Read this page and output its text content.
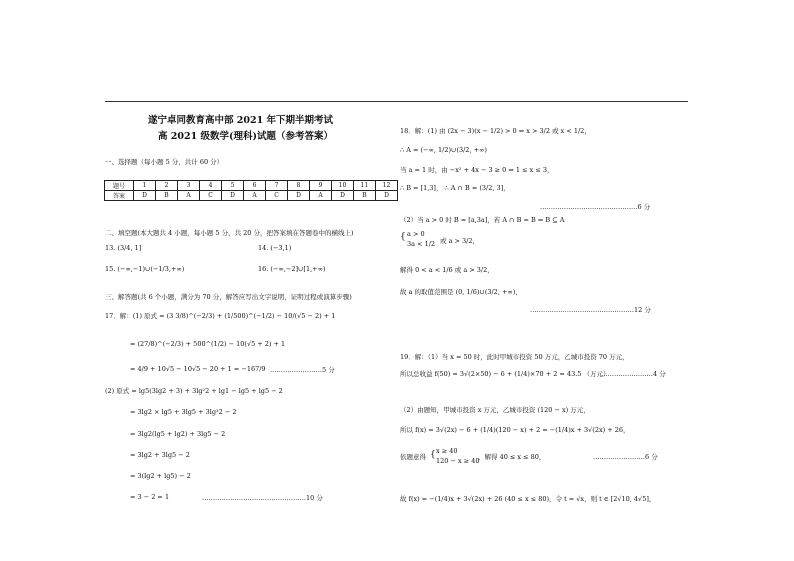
遂宁卓同教育高中部 2021 年下期半期考试
高 2021 级数学(理科)试题（参考答案）
一、选择题（每小题 5 分，共计 60 分）
题号	1	2	3	4	5	6	7	8	9	10	11	12
答案	D	B	A	C	D	A	C	D	A	D	B	D
二、填空题(本大题共 4 小题，每小题 5 分，共 20 分，把答案填在答题卷中的横线上)
13. (3/4, 1]	14. (−3,1)
15. (−∞,−1)∪(−1/3,+∞)	16. (−∞,−2]∪[1,+∞)
三、解答题(共 6 个小题，满分为 70 分，解答应写出文字说明，证明过程或演算步骤)
17．解：(1) 原式 = (3 3/8)^(−2/3) + (1/500)^(−1/2) − 10/(√5 − 2) + 1
= (27/8)^(−2/3) + 500^(1/2) − 10(√5 + 2) + 1
= 4/9 + 10√5 − 10√5 − 20 + 1 = −167/9 ……………………5 分
(2) 原式 = lg5(3lg2 + 3) + 3lg²2 + lg1 − lg5 + lg5 − 2
= 3lg2 × lg5 + 3lg5 + 3lg²2 − 2
= 3lg2(lg5 + lg2) + 3lg5 − 2
= 3lg2 + 3lg5 − 2
= 3(lg2 + lg5) − 2
= 3 − 2 = 1	…………………………………………10 分
18．解：(1) 由 (2x − 3)(x − 1/2) > 0 ⇒ x > 3/2 或 x < 1/2，
∴ A = (−∞, 1/2)∪(3/2, +∞)
当 a = 1 时，由 −x² + 4x − 3 ≥ 0 ⇒ 1 ≤ x ≤ 3，
∴ B = [1,3]， ∴ A ∩ B = (3/2, 3]，
………………………………………6 分
（2）当 a > 0 时 B = [a,3a]，若 A ∩ B = B ⇒ B ⊆ A
{ a > 0
3a < 1/2 或 a > 3/2，
解得 0 < a < 1/6 或 a > 3/2，
故 a 的取值范围是 (0, 1/6)∪(3/2, +∞)，
…………………………………………12 分
19．解：（1）当 x = 50 时，此时甲城市投资 50 万元，乙城市投资 70 万元，
所以总收益 f(50) = 3√(2×50) − 6 + (1/4)×70 + 2 = 43.5 （万元）
……………………4 分
（2）由题知，甲城市投资 x 万元，乙城市投资 (120 − x) 万元，
所以 f(x) = 3√(2x) − 6 + (1/4)(120 − x) + 2 = −(1/4)x + 3√(2x) + 26，
依题意得 { x ≥ 40
120 − x ≥ 40
，解得 40 ≤ x ≤ 80，	……………………6 分
故 f(x) = −(1/4)x + 3√(2x) + 26 (40 ≤ x ≤ 80)，令 t = √x，则 t ∈ [2√10, 4√5]，
